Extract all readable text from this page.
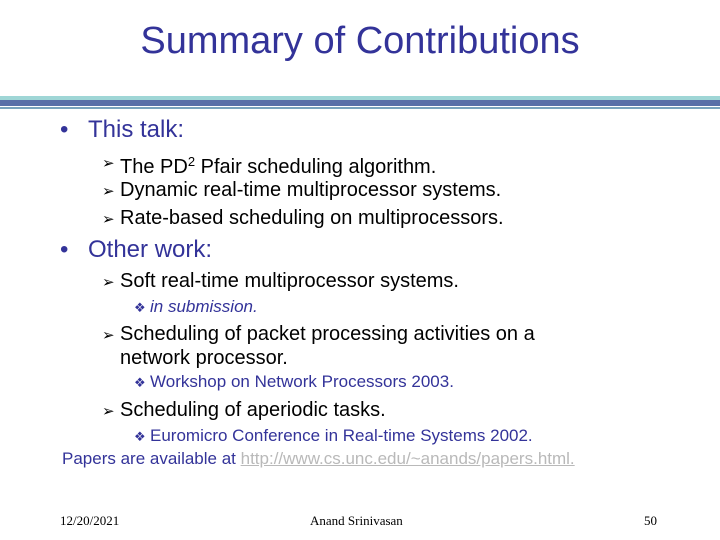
Summary of Contributions
• This talk:
➢ The $PD^2$ Pfair scheduling algorithm.
➢ Dynamic real-time multiprocessor systems.
➢ Rate-based scheduling on multiprocessors.
• Other work:
➢ Soft real-time multiprocessor systems.
❖ in submission.
➢ Scheduling of packet processing activities on a
network processor.
❖ Workshop on Network Processors 2003.
➢ Scheduling of aperiodic tasks.
❖ Euromicro Conference in Real-time Systems 2002.
Papers are available at http://www.cs.unc.edu/~anands/papers.html.
12/20/2021	Anand Srinivasan	50
